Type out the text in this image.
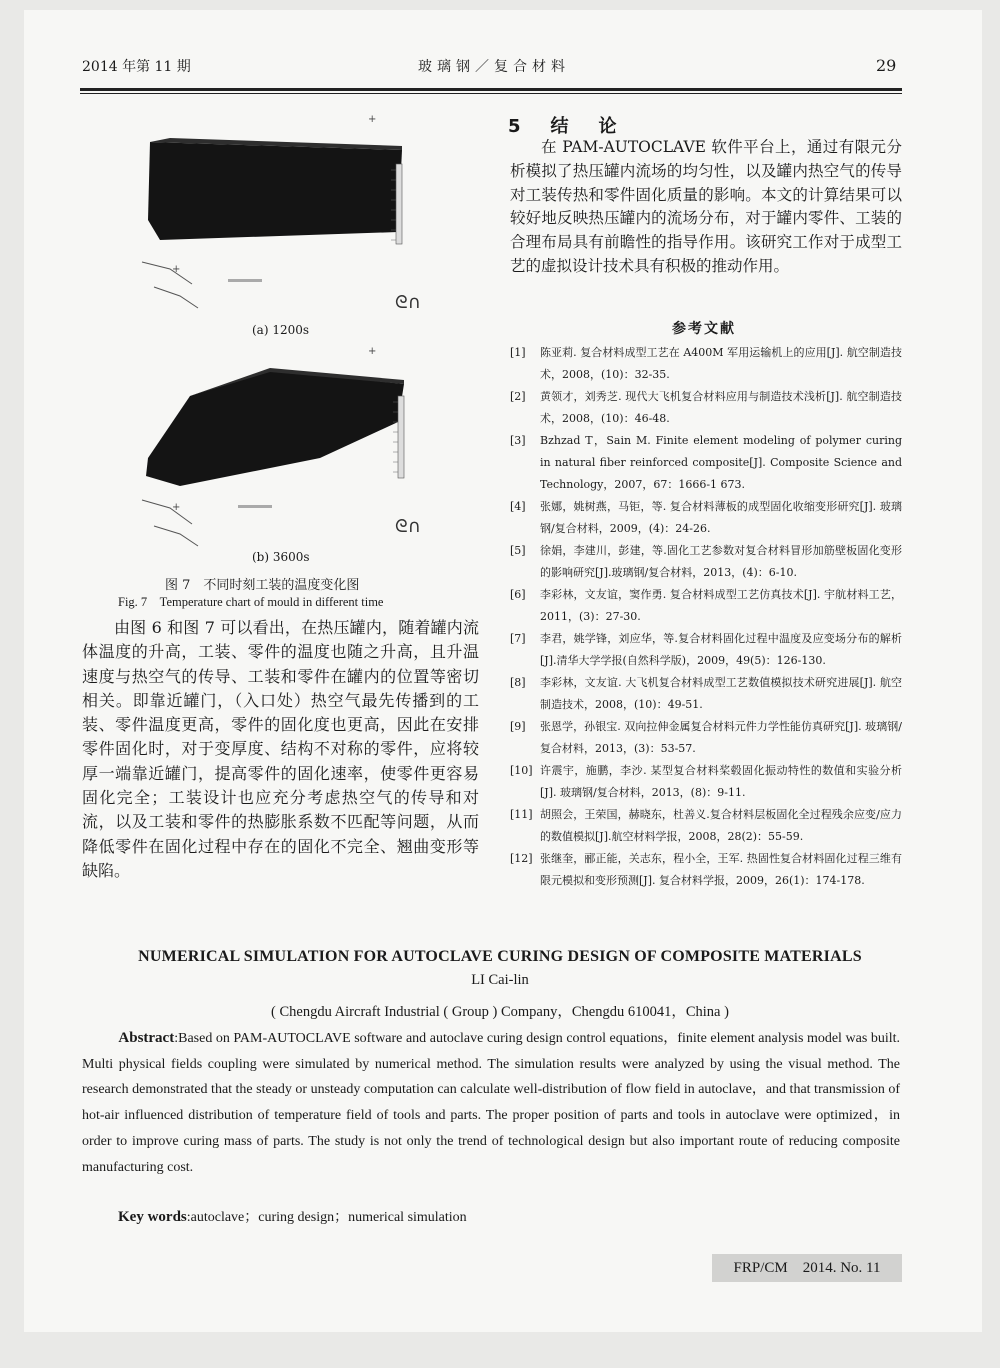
2014 年第 11 期	玻璃钢／复合材料	29
+
+
ᘓ∩
(a) 1200s
+
+
ᘓ∩
(b) 3600s
图 7　不同时刻工装的温度变化图
Fig. 7　Temperature chart of mould in different time
由图 6 和图 7 可以看出，在热压罐内，随着罐内流体温度的升高，工装、零件的温度也随之升高，且升温速度与热空气的传导、工装和零件在罐内的位置等密切相关。即靠近罐门，（入口处）热空气最先传播到的工装、零件温度更高，零件的固化度也更高，因此在安排零件固化时，对于变厚度、结构不对称的零件，应将较厚一端靠近罐门，提高零件的固化速率，使零件更容易固化完全；工装设计也应充分考虑热空气的传导和对流，以及工装和零件的热膨胀系数不匹配等问题，从而降低零件在固化过程中存在的固化不完全、翘曲变形等缺陷。
5　结　论
在 PAM-AUTOCLAVE 软件平台上，通过有限元分析模拟了热压罐内流场的均匀性，以及罐内热空气的传导对工装传热和零件固化质量的影响。本文的计算结果可以较好地反映热压罐内的流场分布，对于罐内零件、工装的合理布局具有前瞻性的指导作用。该研究工作对于成型工艺的虚拟设计技术具有积极的推动作用。
参考文献
[1]	陈亚莉. 复合材料成型工艺在 A400M 军用运输机上的应用[J]. 航空制造技术，2008，(10)：32-35.
[2]	黄领才，刘秀芝. 现代大飞机复合材料应用与制造技术浅析[J]. 航空制造技术，2008，(10)：46-48.
[3]	Bzhzad T，Sain M. Finite element modeling of polymer curing in natural fiber reinforced composite[J]. Composite Science and Technology，2007，67：1666-1 673.
[4]	张娜，姚树燕，马钜，等. 复合材料薄板的成型固化收缩变形研究[J]. 玻璃钢/复合材料，2009，(4)：24-26.
[5]	徐娟，李建川，彭建，等.固化工艺参数对复合材料冒形加筋壁板固化变形的影响研究[J].玻璃钢/复合材料，2013，(4)：6-10.
[6]	李彩林，文友谊，窦作勇. 复合材料成型工艺仿真技术[J]. 宇航材料工艺，2011，(3)：27-30.
[7]	李君，姚学锋，刘应华，等.复合材料固化过程中温度及应变场分布的解析[J].清华大学学报(自然科学版)，2009，49(5)：126-130.
[8]	李彩林，文友谊. 大飞机复合材料成型工艺数值模拟技术研究进展[J]. 航空制造技术，2008，(10)：49-51.
[9]	张恩学，孙银宝. 双向拉伸金属复合材料元件力学性能仿真研究[J]. 玻璃钢/复合材料，2013，(3)：53-57.
[10] 许震宇，施鹏，李沙. 某型复合材料桨毂固化振动特性的数值和实验分析[J]. 玻璃钢/复合材料，2013，(8)：9-11.
[11] 胡照会，王荣国，赫晓东，杜善义.复合材料层板固化全过程残余应变/应力的数值模拟[J].航空材料学报，2008，28(2)：55-59.
[12] 张继奎，郦正能，关志东，程小全，王军. 热固性复合材料固化过程三维有限元模拟和变形预测[J]. 复合材料学报，2009，26(1)：174-178.
NUMERICAL SIMULATION FOR AUTOCLAVE CURING DESIGN OF COMPOSITE MATERIALS
LI Cai-lin
( Chengdu Aircraft Industrial ( Group ) Company，Chengdu 610041，China )
Abstract:Based on PAM-AUTOCLAVE software and autoclave curing design control equations，finite element analysis model was built. Multi physical fields coupling were simulated by numerical method. The simulation results were analyzed by using the visual method. The research demonstrated that the steady or unsteady computation can calculate well-distribution of flow field in autoclave，and that transmission of hot-air influenced distribution of temperature field of tools and parts. The proper position of parts and tools in autoclave were optimized，in order to improve curing mass of parts. The study is not only the trend of technological design but also important route of reducing composite manufacturing cost.
Key words:autoclave；curing design；numerical simulation
FRP/CM　2014. No. 11
